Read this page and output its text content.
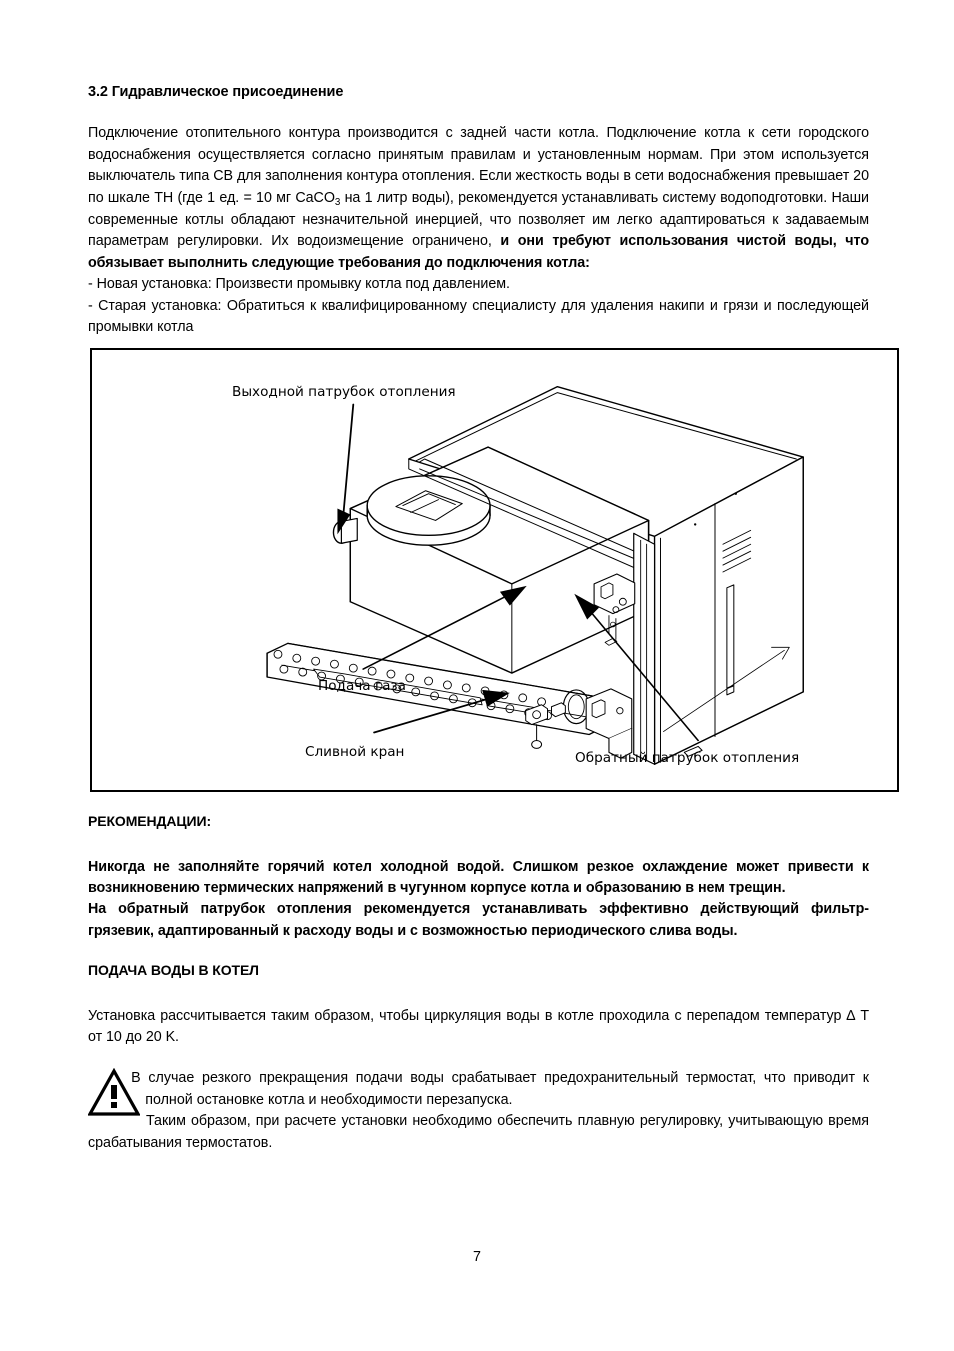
3.2 Гидравлическое присоединение

Подключение отопительного контура производится с задней части котла. Подключение котла к сети городского водоснабжения осуществляется согласно принятым правилам и установленным нормам. При этом используется выключатель типа CB для заполнения контура отопления. Если жесткость воды в сети водоснабжения превышает 20 по шкале TH (где 1 ед. = 10 мг CaCO$_3$ на 1 литр воды), рекомендуется устанавливать систему водоподготовки. Наши современные котлы обладают незначительной инерцией, что позволяет им легко адаптироваться к задаваемым параметрам регулировки. Их водоизмещение ограничено, и они требуют использования чистой воды, что обязывает выполнить следующие требования до подключения котла:

- Новая установка: Произвести промывку котла под давлением.

- Старая установка: Обратиться к квалифицированному специалисту для удаления накипи и грязи и последующей промывки котла

Выходной патрубок отопления
Подача газа
Сливной кран	Обратный патрубок отопления
РЕКОМЕНДАЦИИ:

Никогда не заполняйте горячий котел холодной водой. Слишком резкое охлаждение может привести к возникновению термических напряжений в чугунном корпусе котла и образованию в нем трещин.

На обратный патрубок отопления рекомендуется устанавливать эффективно действующий фильтр-грязевик, адаптированный к расходу воды и с возможностью периодического слива воды.

ПОДАЧА ВОДЫ В КОТЕЛ

Установка рассчитывается таким образом, чтобы циркуляция воды в котле проходила с перепадом температур ∆ T от 10 до 20 K.

В случае резкого прекращения подачи воды срабатывает предохранительный термостат, что приводит к полной остановке котла и необходимости перезапуска.

Таким образом, при расчете установки необходимо обеспечить плавную регулировку, учитывающую время срабатывания термостатов.

7
